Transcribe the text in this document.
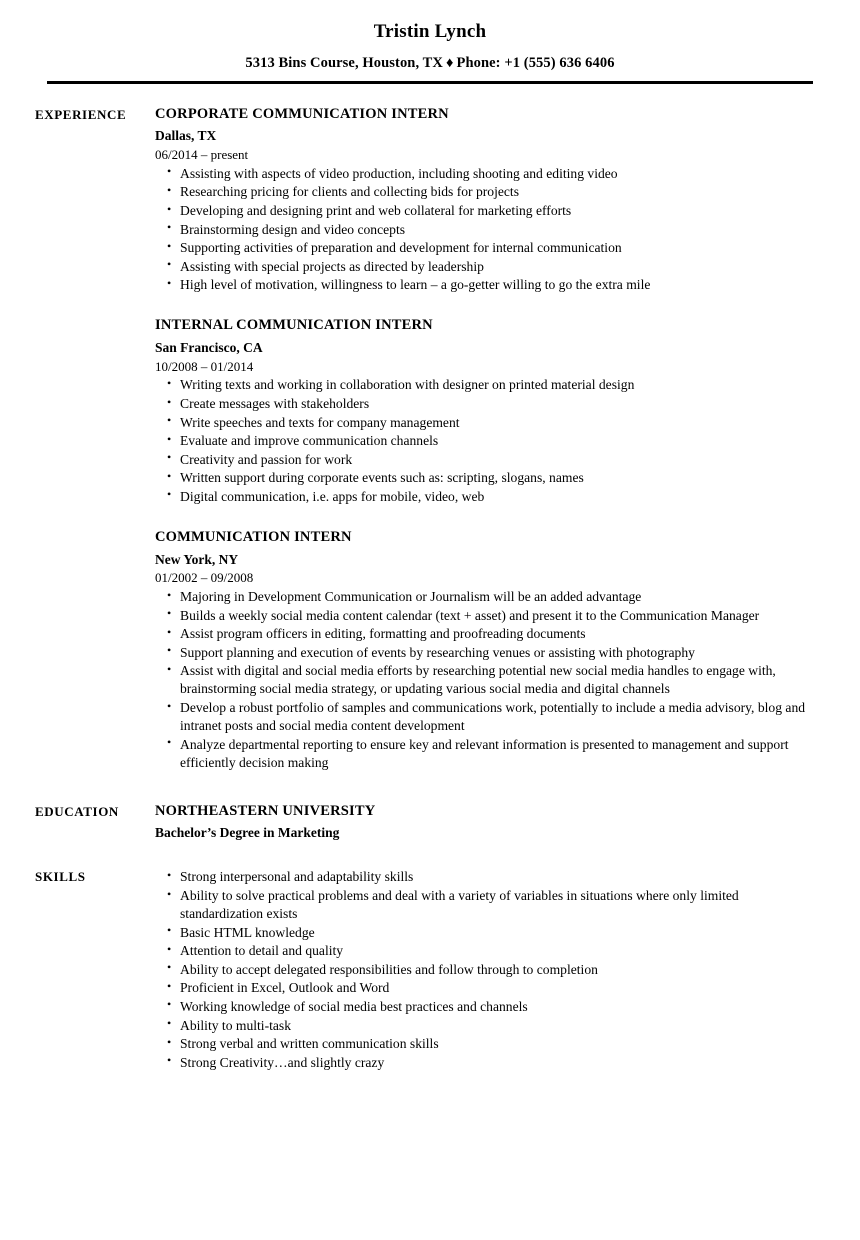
Tristin Lynch
5313 Bins Course, Houston, TX ♦ Phone: +1 (555) 636 6406
EXPERIENCE	CORPORATE COMMUNICATION INTERN
Dallas, TX
06/2014 – present
• Assisting with aspects of video production, including shooting and editing video
• Researching pricing for clients and collecting bids for projects
• Developing and designing print and web collateral for marketing efforts
• Brainstorming design and video concepts
• Supporting activities of preparation and development for internal communication
• Assisting with special projects as directed by leadership
• High level of motivation, willingness to learn – a go-getter willing to go the extra mile
INTERNAL COMMUNICATION INTERN
San Francisco, CA
10/2008 – 01/2014
• Writing texts and working in collaboration with designer on printed material design
• Create messages with stakeholders
• Write speeches and texts for company management
• Evaluate and improve communication channels
• Creativity and passion for work
• Written support during corporate events such as: scripting, slogans, names
• Digital communication, i.e. apps for mobile, video, web
COMMUNICATION INTERN
New York, NY
01/2002 – 09/2008
• Majoring in Development Communication or Journalism will be an added advantage
• Builds a weekly social media content calendar (text + asset) and present it to the Communication Manager
• Assist program officers in editing, formatting and proofreading documents
• Support planning and execution of events by researching venues or assisting with photography
• Assist with digital and social media efforts by researching potential new social media handles to engage with, brainstorming social media strategy, or updating various social media and digital channels
• Develop a robust portfolio of samples and communications work, potentially to include a media advisory, blog and intranet posts and social media content development
• Analyze departmental reporting to ensure key and relevant information is presented to management and support efficiently decision making
EDUCATION	NORTHEASTERN UNIVERSITY
Bachelor’s Degree in Marketing
SKILLS	• Strong interpersonal and adaptability skills
• Ability to solve practical problems and deal with a variety of variables in situations where only limited standardization exists
• Basic HTML knowledge
• Attention to detail and quality
• Ability to accept delegated responsibilities and follow through to completion
• Proficient in Excel, Outlook and Word
• Working knowledge of social media best practices and channels
• Ability to multi-task
• Strong verbal and written communication skills
• Strong Creativity…and slightly crazy
